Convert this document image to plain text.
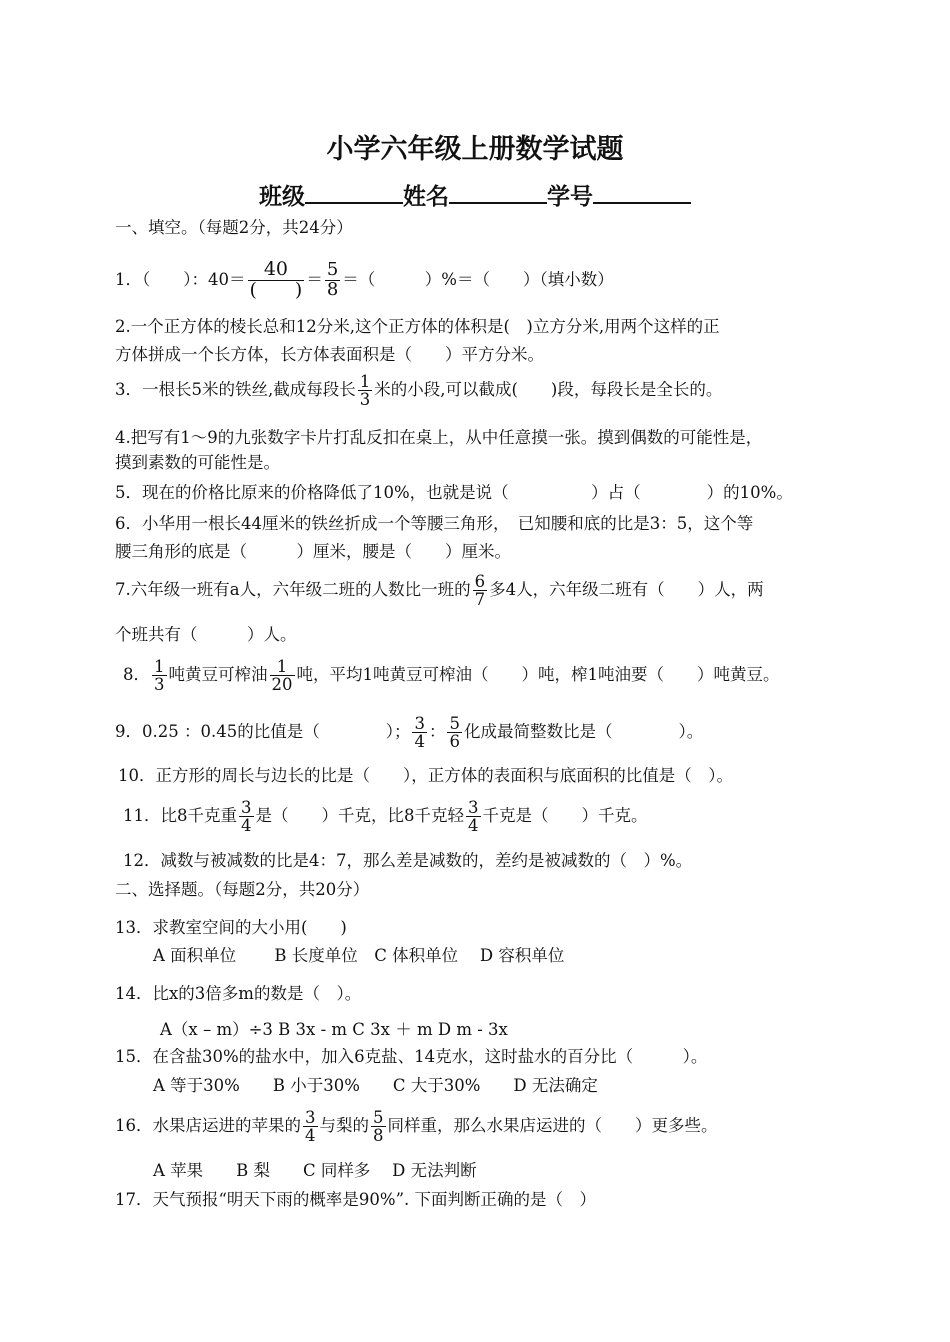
小学六年级上册数学试题
班级	姓名	学号
一、填空。（每题2分，共24分）
1．（　　）：$40= \frac{40}{( )} = \frac{5}{8}$ ＝（　　　）%＝（　　）（填小数）
2.一个正方体的棱长总和12分米,这个正方体的体积是(　)立方分米,用两个这样的正
方体拼成一个长方体，长方体表面积是（　　）平方分米。
3．一根长5米的铁丝,截成每段长 $\frac{1}{3}$ 米的小段,可以截成(　　)段，每段长是全长的。
4.把写有1～9的九张数字卡片打乱反扣在桌上，从中任意摸一张。摸到偶数的可能性是，
摸到素数的可能性是。
5．现在的价格比原来的价格降低了10%，也就是说（　　　　　）占（　　　　）的10%。
6．小华用一根长44厘米的铁丝折成一个等腰三角形，　已知腰和底的比是3：5，这个等
腰三角形的底是（　　　）厘米，腰是（　　）厘米。
7.六年级一班有a人，六年级二班的人数比一班的 $\frac{6}{7}$ 多4人，六年级二班有（　　）人，两
个班共有（　　　）人。
8． $\frac{1}{3}$ 吨黄豆可榨油 $\frac{1}{20}$ 吨，平均1吨黄豆可榨油（　　）吨，榨1吨油要（　　）吨黄豆。
9．0.25 ：0.45的比值是（　　　　）； $\frac{3}{4}$ ： $\frac{5}{6}$ 化成最简整数比是（　　　　）。
10．正方形的周长与边长的比是（　　），正方体的表面积与底面积的比值是（　）。
11．比8千克重 $\frac{3}{4}$ 是（　　）千克，比8千克轻 $\frac{3}{4}$ 千克是（　　）千克。
12．减数与被减数的比是4：7，那么差是减数的，差约是被减数的（　）%。
二、选择题。（每题2分，共20分）
13．求教室空间的大小用(　　)
A 面积单位　　 B 长度单位　C 体积单位　 D 容积单位
14．比x的3倍多m的数是（　）。
A（x – m）÷3 B 3x - m C 3x ＋ m D m - 3x
15．在含盐30%的盐水中，加入6克盐、14克水，这时盐水的百分比（　　　）。
A 等于30%　　B 小于30%　　C 大于30%　　D 无法确定
16．水果店运进的苹果的 $\frac{3}{4}$ 与梨的 $\frac{5}{8}$ 同样重，那么水果店运进的（　　）更多些。
A 苹果　　B 梨　　C 同样多　 D 无法判断
17．天气预报“明天下雨的概率是90%”. 下面判断正确的是（　）
